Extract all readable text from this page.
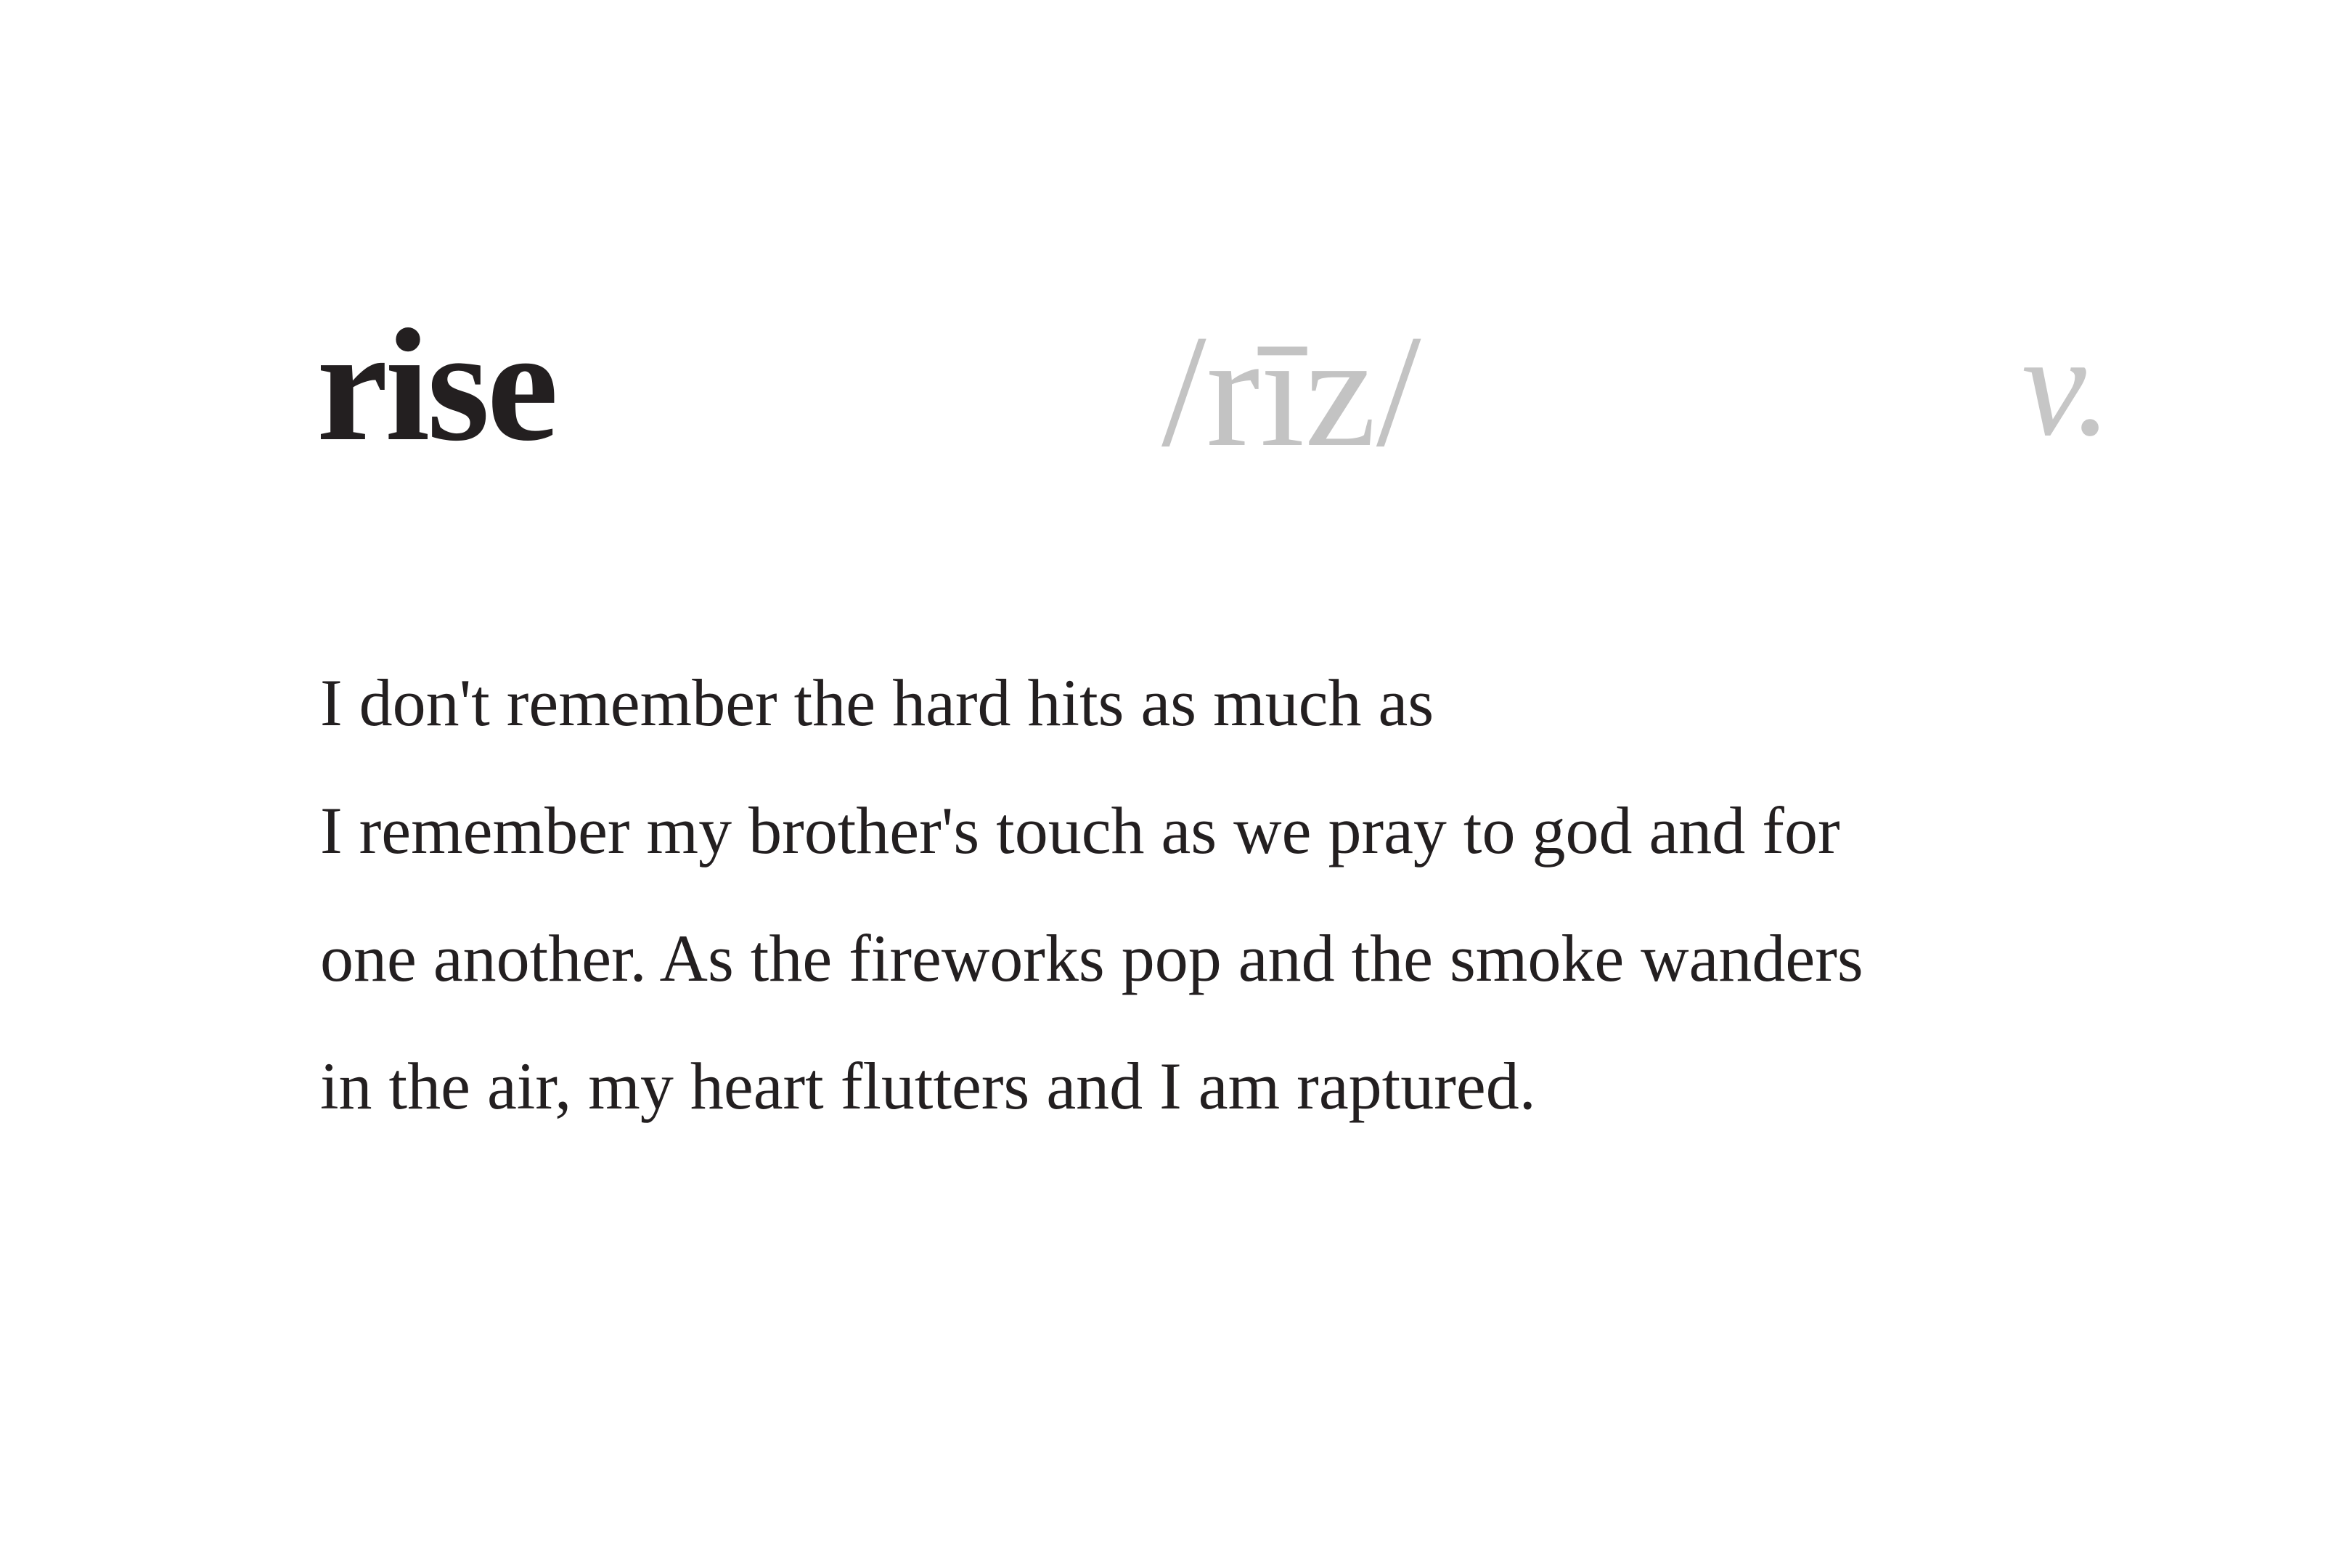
rise	/rīz/	v.
I don't remember the hard hits as much as
I remember my brother's touch as we pray to god and for
one another. As the fireworks pop and the smoke wanders
in the air, my heart flutters and I am raptured.
